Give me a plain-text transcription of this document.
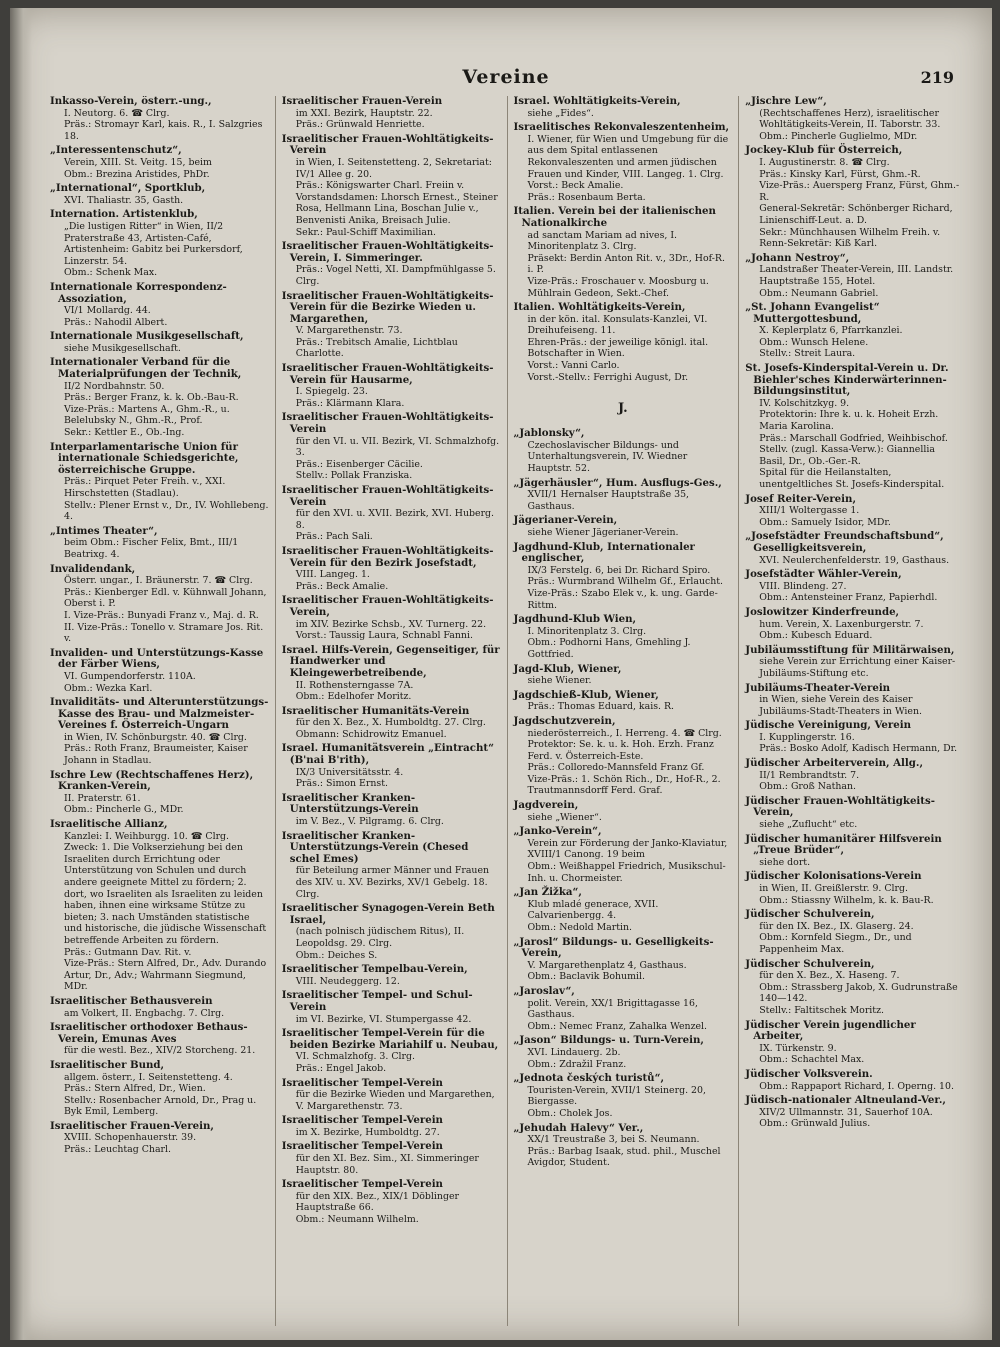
Vereine	219
Inkasso-Verein, österr.-ung.,
I. Neutorg. 6. ☎ Clrg.
Präs.: Stromayr Karl, kais. R., I. Salzgries 18.
„Interessentenschutz“,
Verein, XIII. St. Veitg. 15, beim
Obm.: Brezina Aristides, PhDr.
„International“, Sportklub,
XVI. Thaliastr. 35, Gasth.
Internation. Artistenklub,
„Die lustigen Ritter“ in Wien, II/2 Praterstraße 43, Artisten-Café, Artistenheim: Gabitz bei Purkersdorf, Linzerstr. 54.
Obm.: Schenk Max.
Internationale Korrespondenz-Assoziation,
VI/1 Mollardg. 44.
Präs.: Nahodil Albert.
Internationale Musikgesellschaft,
siehe Musikgesellschaft.
Internationaler Verband für die Materialprüfungen der Technik,
II/2 Nordbahnstr. 50.
Präs.: Berger Franz, k. k. Ob.-Bau-R.
Vize-Präs.: Martens A., Ghm.-R., u. Belelubsky N., Ghm.-R., Prof.
Sekr.: Kettler E., Ob.-Ing.
Interparlamentarische Union für internationale Schiedsgerichte, österreichische Gruppe.
Präs.: Pirquet Peter Freih. v., XXI. Hirschstetten (Stadlau).
Stellv.: Plener Ernst v., Dr., IV. Wohllebeng. 4.
„Intimes Theater“,
beim Obm.: Fischer Felix, Bmt., III/1 Beatrixg. 4.
Invalidendank,
Österr. ungar., I. Bräunerstr. 7. ☎ Clrg.
Präs.: Kienberger Edl. v. Kühnwall Johann, Oberst i. P.
I. Vize-Präs.: Bunyadi Franz v., Maj. d. R.
II. Vize-Präs.: Tonello v. Stramare Jos. Rit. v.
Invaliden- und Unterstützungs-Kasse der Färber Wiens,
VI. Gumpendorferstr. 110A.
Obm.: Wezka Karl.
Invaliditäts- und Alterunterstützungs-Kasse des Brau- und Malzmeister-Vereines f. Österreich-Ungarn
in Wien, IV. Schönburgstr. 40. ☎ Clrg.
Präs.: Roth Franz, Braumeister, Kaiser Johann in Stadlau.
Ischre Lew (Rechtschaffenes Herz), Kranken-Verein,
II. Praterstr. 61.
Obm.: Pincherle G., MDr.
Israelitische Allianz,
Kanzlei: I. Weihburgg. 10. ☎ Clrg.
Zweck: 1. Die Volkserziehung bei den Israeliten durch Errichtung oder Unterstützung von Schulen und durch andere geeignete Mittel zu fördern; 2. dort, wo Israeliten als Israeliten zu leiden haben, ihnen eine wirksame Stütze zu bieten; 3. nach Umständen statistische und historische, die jüdische Wissenschaft betreffende Arbeiten zu fördern.
Präs.: Gutmann Dav. Rit. v.
Vize-Präs.: Stern Alfred, Dr., Adv. Durando Artur, Dr., Adv.; Wahrmann Siegmund, MDr.
Israelitischer Bethausverein
am Volkert, II. Engbachg. 7. Clrg.
Israelitischer orthodoxer Bethaus-Verein, Emunas Aves
für die westl. Bez., XIV/2 Storcheng. 21.
Israelitischer Bund,
allgem. österr., I. Seitenstetteng. 4.
Präs.: Stern Alfred, Dr., Wien.
Stellv.: Rosenbacher Arnold, Dr., Prag u. Byk Emil, Lemberg.
Israelitischer Frauen-Verein,
XVIII. Schopenhauerstr. 39.
Präs.: Leuchtag Charl.
Israelitischer Frauen-Verein
im XXI. Bezirk, Hauptstr. 22.
Präs.: Grünwald Henriette.
Israelitischer Frauen-Wohltätigkeits-Verein
in Wien, I. Seitenstetteng. 2, Sekretariat: IV/1 Allee g. 20.
Präs.: Königswarter Charl. Freiin v.
Vorstandsdamen: Lhorsch Ernest., Steiner Rosa, Hellmann Lina, Boschan Julie v., Benvenisti Anika, Breisach Julie.
Sekr.: Paul-Schiff Maximilian.
Israelitischer Frauen-Wohltätigkeits-Verein, I. Simmeringer.
Präs.: Vogel Netti, XI. Dampfmühlgasse 5. Clrg.
Israelitischer Frauen-Wohltätigkeits-Verein für die Bezirke Wieden u. Margarethen,
V. Margarethenstr. 73.
Präs.: Trebitsch Amalie, Lichtblau Charlotte.
Israelitischer Frauen-Wohltätigkeits-Verein für Hausarme,
I. Spiegelg. 23.
Präs.: Klärmann Klara.
Israelitischer Frauen-Wohltätigkeits-Verein
für den VI. u. VII. Bezirk, VI. Schmalzhofg. 3.
Präs.: Eisenberger Cäcilie.
Stellv.: Pollak Franziska.
Israelitischer Frauen-Wohltätigkeits-Verein
für den XVI. u. XVII. Bezirk, XVI. Huberg. 8.
Präs.: Pach Sali.
Israelitischer Frauen-Wohltätigkeits-Verein für den Bezirk Josefstadt,
VIII. Langeg. 1.
Präs.: Beck Amalie.
Israelitischer Frauen-Wohltätigkeits-Verein,
im XIV. Bezirke Schsb., XV. Turnerg. 22.
Vorst.: Taussig Laura, Schnabl Fanni.
Israel. Hilfs-Verein, Gegenseitiger, für Handwerker und Kleingewerbetreibende,
II. Rothensterngasse 7A.
Obm.: Edelhofer Moritz.
Israelitischer Humanitäts-Verein
für den X. Bez., X. Humboldtg. 27. Clrg.
Obmann: Schidrowitz Emanuel.
Israel. Humanitätsverein „Eintracht“ (B'nai B'rith),
IX/3 Universitätsstr. 4.
Präs.: Simon Ernst.
Israelitischer Kranken-Unterstützungs-Verein
im V. Bez., V. Pilgramg. 6. Clrg.
Israelitischer Kranken-Unterstützungs-Verein (Chesed schel Emes)
für Beteilung armer Männer und Frauen des XIV. u. XV. Bezirks, XV/1 Gebelg. 18. Clrg.
Israelitischer Synagogen-Verein Beth Israel,
(nach polnisch jüdischem Ritus), II. Leopoldsg. 29. Clrg.
Obm.: Deiches S.
Israelitischer Tempelbau-Verein,
VIII. Neudeggerg. 12.
Israelitischer Tempel- und Schul-Verein
im VI. Bezirke, VI. Stumpergasse 42.
Israelitischer Tempel-Verein für die beiden Bezirke Mariahilf u. Neubau,
VI. Schmalzhofg. 3. Clrg.
Präs.: Engel Jakob.
Israelitischer Tempel-Verein
für die Bezirke Wieden und Margarethen, V. Margarethenstr. 73.
Israelitischer Tempel-Verein
im X. Bezirke, Humboldtg. 27.
Israelitischer Tempel-Verein
für den XI. Bez. Sim., XI. Simmeringer Hauptstr. 80.
Israelitischer Tempel-Verein
für den XIX. Bez., XIX/1 Döblinger Hauptstraße 66.
Obm.: Neumann Wilhelm.
Israel. Wohltätigkeits-Verein,
siehe „Fides“.
Israelitisches Rekonvaleszentenheim,
I. Wiener, für Wien und Umgebung für die aus dem Spital entlassenen Rekonvaleszenten und armen jüdischen Frauen und Kinder, VIII. Langeg. 1. Clrg.
Vorst.: Beck Amalie.
Präs.: Rosenbaum Berta.
Italien. Verein bei der italienischen Nationalkirche
ad sanctam Mariam ad nives, I. Minoritenplatz 3. Clrg.
Präsekt: Berdin Anton Rit. v., 3Dr., Hof-R. i. P.
Vize-Präs.: Froschauer v. Moosburg u. Mühlrain Gedeon, Sekt.-Chef.
Italien. Wohltätigkeits-Verein,
in der kön. ital. Konsulats-Kanzlei, VI. Dreihufeiseng. 11.
Ehren-Präs.: der jeweilige königl. ital. Botschafter in Wien.
Vorst.: Vanni Carlo.
Vorst.-Stellv.: Ferrighi August, Dr.
J.
„Jablonsky“,
Czechoslavischer Bildungs- und Unterhaltungsverein, IV. Wiedner Hauptstr. 52.
„Jägerhäusler“, Hum. Ausflugs-Ges.,
XVII/1 Hernalser Hauptstraße 35, Gasthaus.
Jägerianer-Verein,
siehe Wiener Jägerianer-Verein.
Jagdhund-Klub, Internationaler englischer,
IX/3 Ferstelg. 6, bei Dr. Richard Spiro.
Präs.: Wurmbrand Wilhelm Gf., Erlaucht.
Vize-Präs.: Szabo Elek v., k. ung. Garde-Rittm.
Jagdhund-Klub Wien,
I. Minoritenplatz 3. Clrg.
Obm.: Podhorni Hans, Gmehling J. Gottfried.
Jagd-Klub, Wiener,
siehe Wiener.
Jagdschieß-Klub, Wiener,
Präs.: Thomas Eduard, kais. R.
Jagdschutzverein,
niederösterreich., I. Herreng. 4. ☎ Clrg.
Protektor: Se. k. u. k. Hoh. Erzh. Franz Ferd. v. Österreich-Este.
Präs.: Colloredo-Mannsfeld Franz Gf.
Vize-Präs.: 1. Schön Rich., Dr., Hof-R., 2. Trautmannsdorff Ferd. Graf.
Jagdverein,
siehe „Wiener“.
„Janko-Verein“,
Verein zur Förderung der Janko-Klaviatur, XVIII/1 Canong. 19 beim
Obm.: Weißhappel Friedrich, Musikschul-Inh. u. Chormeister.
„Jan Žižka“,
Klub mladé generace, XVII. Calvarienbergg. 4.
Obm.: Nedold Martin.
„Jarosl“ Bildungs- u. Geselligkeits-Verein,
V. Margarethenplatz 4, Gasthaus.
Obm.: Baclavik Bohumil.
„Jaroslav“,
polit. Verein, XX/1 Brigittagasse 16, Gasthaus.
Obm.: Nemec Franz, Zahalka Wenzel.
„Jason“ Bildungs- u. Turn-Verein,
XVI. Lindauerg. 2b.
Obm.: Zdražil Franz.
„Jednota českých turistů“,
Touristen-Verein, XVII/1 Steinerg. 20, Biergasse.
Obm.: Cholek Jos.
„Jehudah Halevy“ Ver.,
XX/1 Treustraße 3, bei S. Neumann.
Präs.: Barbag Isaak, stud. phil., Muschel Avigdor, Student.
„Jischre Lew“,
(Rechtschaffenes Herz), israelitischer Wohltätigkeits-Verein, II. Taborstr. 33.
Obm.: Pincherle Guglielmo, MDr.
Jockey-Klub für Österreich,
I. Augustinerstr. 8. ☎ Clrg.
Präs.: Kinsky Karl, Fürst, Ghm.-R.
Vize-Präs.: Auersperg Franz, Fürst, Ghm.-R.
General-Sekretär: Schönberger Richard, Linienschiff-Leut. a. D.
Sekr.: Münchhausen Wilhelm Freih. v.
Renn-Sekretär: Kiß Karl.
„Johann Nestroy“,
Landstraßer Theater-Verein, III. Landstr. Hauptstraße 155, Hotel.
Obm.: Neumann Gabriel.
„St. Johann Evangelist“ Muttergottesbund,
X. Keplerplatz 6, Pfarrkanzlei.
Obm.: Wunsch Helene.
Stellv.: Streit Laura.
St. Josefs-Kinderspital-Verein u. Dr. Biehler'sches Kinderwärterinnen-Bildungsinstitut,
IV. Kolschitzkyg. 9.
Protektorin: Ihre k. u. k. Hoheit Erzh. Maria Karolina.
Präs.: Marschall Godfried, Weihbischof.
Stellv. (zugl. Kassa-Verw.): Giannellia Basil, Dr., Ob.-Ger.-R.
Spital für die Heilanstalten, unentgeltliches St. Josefs-Kinderspital.
Josef Reiter-Verein,
XIII/1 Woltergasse 1.
Obm.: Samuely Isidor, MDr.
„Josefstädter Freundschaftsbund“, Geselligkeitsverein,
XVI. Neulerchenfelderstr. 19, Gasthaus.
Josefstädter Wähler-Verein,
VIII. Blindeng. 27.
Obm.: Antensteiner Franz, Papierhdl.
Joslowitzer Kinderfreunde,
hum. Verein, X. Laxenburgerstr. 7.
Obm.: Kubesch Eduard.
Jubiläumsstiftung für Militärwaisen,
siehe Verein zur Errichtung einer Kaiser-Jubiläums-Stiftung etc.
Jubiläums-Theater-Verein
in Wien, siehe Verein des Kaiser Jubiläums-Stadt-Theaters in Wien.
Jüdische Vereinigung, Verein
I. Kupplingerstr. 16.
Präs.: Bosko Adolf, Kadisch Hermann, Dr.
Jüdischer Arbeiterverein, Allg.,
II/1 Rembrandtstr. 7.
Obm.: Groß Nathan.
Jüdischer Frauen-Wohltätigkeits-Verein,
siehe „Zuflucht“ etc.
Jüdischer humanitärer Hilfsverein „Treue Brüder“,
siehe dort.
Jüdischer Kolonisations-Verein
in Wien, II. Greißlerstr. 9. Clrg.
Obm.: Stiassny Wilhelm, k. k. Bau-R.
Jüdischer Schulverein,
für den IX. Bez., IX. Glaserg. 24.
Obm.: Kornfeld Siegm., Dr., und Pappenheim Max.
Jüdischer Schulverein,
für den X. Bez., X. Haseng. 7.
Obm.: Strassberg Jakob, X. Gudrunstraße 140—142.
Stellv.: Faltitschek Moritz.
Jüdischer Verein jugendlicher Arbeiter,
IX. Türkenstr. 9.
Obm.: Schachtel Max.
Jüdischer Volksverein.
Obm.: Rappaport Richard, I. Operng. 10.
Jüdisch-nationaler Altneuland-Ver.,
XIV/2 Ullmannstr. 31, Sauerhof 10A.
Obm.: Grünwald Julius.
